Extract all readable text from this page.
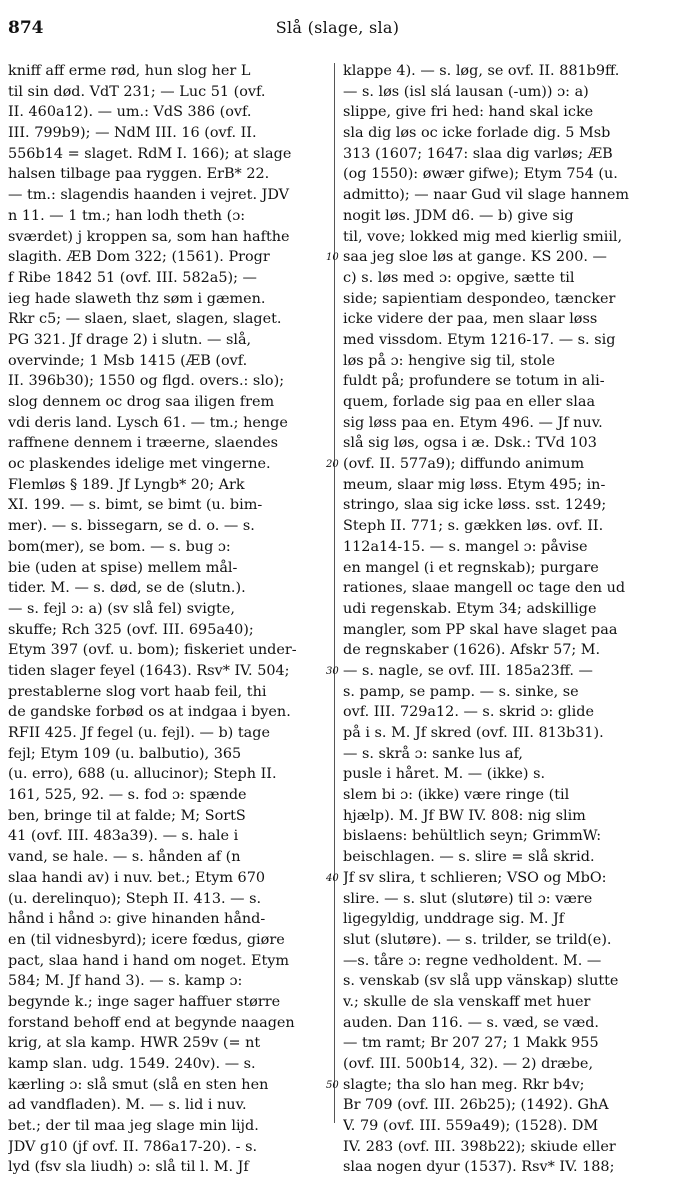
874	Slå (slage, sla)
kniff aff erme rød, hun slog her L
til sin død. VdT 231; — Luc 51 (ovf.
II. 460a12). — um.: VdS 386 (ovf.
III. 799b9); — NdM III. 16 (ovf. II.
556b14 = slaget. RdM I. 166); at slage
halsen tilbage paa ryggen. ErB* 22.
— tm.: slagendis haanden i vejret. JDV
n 11. — 1 tm.; han lodh theth (ɔ:
sværdet) j kroppen sa, som han hafthe
slagith. ÆB Dom 322; (1561). Progr
f Ribe 1842 51 (ovf. III. 582a5); —
ieg hade slaweth thz søm i gæmen.
Rkr c5; — slaen, slaet, slagen, slaget.
PG 321. Jf drage 2) i slutn. — slå,
overvinde; 1 Msb 1415 (ÆB (ovf.
II. 396b30); 1550 og flgd. overs.: slo);
slog dennem oc drog saa iligen frem
vdi deris land. Lysch 61. — tm.; henge
raffnene dennem i træerne, slaendes
oc plaskendes idelige met vingerne.
Flemløs § 189. Jf Lyngb* 20; Ark
XI. 199. — s. bimt, se bimt (u. bim-
mer). — s. bissegarn, se d. o. — s.
bom(mer), se bom. — s. bug ɔ:
bie (uden at spise) mellem mål-
tider. M. — s. død, se de (slutn.).
— s. fejl ɔ: a) (sv slå fel) svigte,
skuffe; Rch 325 (ovf. III. 695a40);
Etym 397 (ovf. u. bom); fiskeriet under-
tiden slager feyel (1643). Rsv* IV. 504;
prestablerne slog vort haab feil, thi
de gandske forbød os at indgaa i byen.
RFII 425. Jf fegel (u. fejl). — b) tage
fejl; Etym 109 (u. balbutio), 365
(u. erro), 688 (u. allucinor); Steph II.
161, 525, 92. — s. fod ɔ: spænde
ben, bringe til at falde; M; SortS
41 (ovf. III. 483a39). — s. hale i
vand, se hale. — s. hånden af (n
slaa handi av) i nuv. bet.; Etym 670
(u. derelinquo); Steph II. 413. — s.
hånd i hånd ɔ: give hinanden hånd-
en (til vidnesbyrd); icere fœdus, giøre
pact, slaa hand i hand om noget. Etym
584; M. Jf hand 3). — s. kamp ɔ:
begynde k.; inge sager haffuer større
forstand behoff end at begynde naagen
krig, at sla kamp. HWR 259v (= nt
kamp slan. udg. 1549. 240v). — s.
kærling ɔ: slå smut (slå en sten hen
ad vandfladen). M. — s. lid i nuv.
bet.; der til maa jeg slage min lijd.
JDV g10 (jf ovf. II. 786a17-20). - s.
lyd (fsv sla liudh) ɔ: slå til l. M. Jf
klappe 4). — s. løg, se ovf. II. 881b9ff.
— s. løs (isl slá lausan (-um)) ɔ: a)
slippe, give fri hed: hand skal icke
sla dig løs oc icke forlade dig. 5 Msb
313 (1607; 1647: slaa dig varløs; ÆB
(og 1550): øwær gifwe); Etym 754 (u.
admitto); — naar Gud vil slage hannem
nogit løs. JDM d6. — b) give sig
til, vove; lokked mig med kierlig smiil,
saa jeg sloe løs at gange. KS 200. —
c) s. løs med ɔ: opgive, sætte til
side; sapientiam despondeo, tæncker
icke videre der paa, men slaar løss
med vissdom. Etym 1216-17. — s. sig
løs på ɔ: hengive sig til, stole
fuldt på; profundere se totum in ali-
quem, forlade sig paa en eller slaa
sig løss paa en. Etym 496. — Jf nuv.
slå sig løs, ogsa i æ. Dsk.: TVd 103
(ovf. II. 577a9); diffundo animum
meum, slaar mig løss. Etym 495; in-
stringo, slaa sig icke løss. sst. 1249;
Steph II. 771; s. gækken løs. ovf. II.
112a14-15. — s. mangel ɔ: påvise
en mangel (i et regnskab); purgare
rationes, slaae mangell oc tage den ud
udi regenskab. Etym 34; adskillige
mangler, som PP skal have slaget paa
de regnskaber (1626). Afskr 57; M.
— s. nagle, se ovf. III. 185a23ff. —
s. pamp, se pamp. — s. sinke, se
ovf. III. 729a12. — s. skrid ɔ: glide
på i s. M. Jf skred (ovf. III. 813b31).
— s. skrå ɔ: sanke lus af,
pusle i håret. M. — (ikke) s.
slem bi ɔ: (ikke) være ringe (til
hjælp). M. Jf BW IV. 808: nig slim
bislaens: behültlich seyn; GrimmW:
beischlagen. — s. slire = slå skrid.
Jf sv slira, t schlieren; VSO og MbO:
slire. — s. slut (slutøre) til ɔ: være
ligegyldig, unddrage sig. M. Jf
slut (slutøre). — s. trilder, se trild(e).
—s. tåre ɔ: regne vedholdent. M. —
s. venskab (sv slå upp vänskap) slutte
v.; skulle de sla venskaff met huer
auden. Dan 116. — s. væd, se væd.
— tm ramt; Br 207 27; 1 Makk 955
(ovf. III. 500b14, 32). — 2) dræbe,
slagte; tha slo han meg. Rkr b4v;
Br 709 (ovf. III. 26b25); (1492). GhA
V. 79 (ovf. III. 559a49); (1528). DM
IV. 283 (ovf. III. 398b22); skiude eller
slaa nogen dyur (1537). Rsv* IV. 188;
10
20
30
40
50
